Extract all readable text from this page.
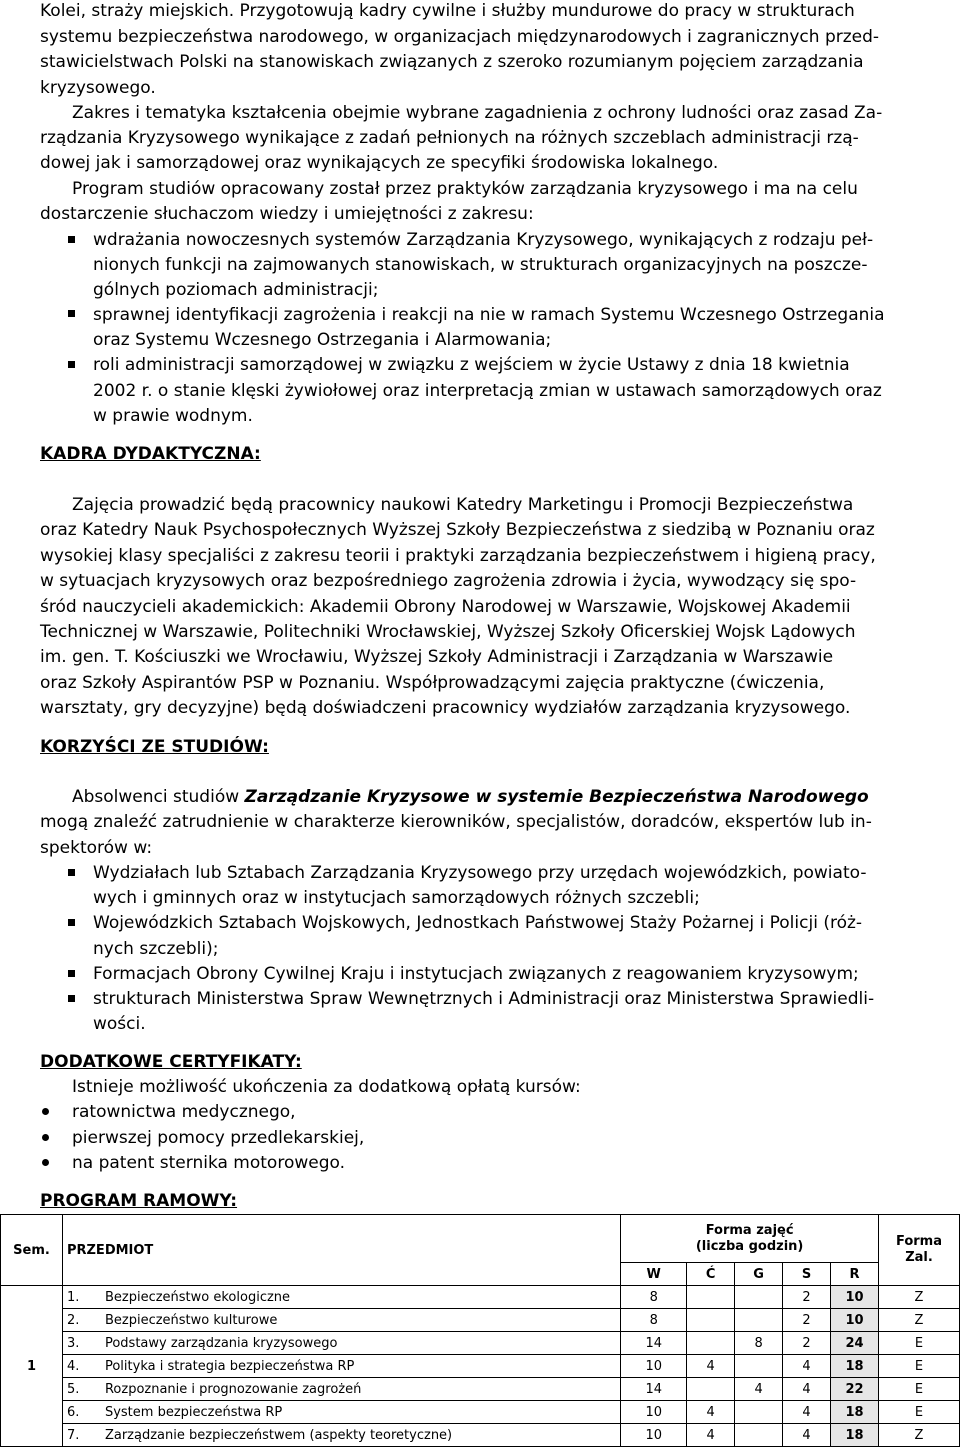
Kolei, straży miejskich. Przygotowują kadry cywilne i służby mundurowe do pracy w strukturach
systemu bezpieczeństwa narodowego, w organizacjach międzynarodowych i zagranicznych przed-
stawicielstwach Polski na stanowiskach związanych z szeroko rozumianym pojęciem zarządzania
kryzysowego.
Zakres i tematyka kształcenia obejmie wybrane zagadnienia z ochrony ludności oraz zasad Za-
rządzania Kryzysowego wynikające z zadań pełnionych na różnych szczeblach administracji rzą-
dowej jak i samorządowej oraz wynikających ze specyfiki środowiska lokalnego.
Program studiów opracowany został przez praktyków zarządzania kryzysowego i ma na celu
dostarczenie słuchaczom wiedzy i umiejętności z zakresu:
wdrażania nowoczesnych systemów Zarządzania Kryzysowego, wynikających z rodzaju peł-
nionych funkcji na zajmowanych stanowiskach, w strukturach organizacyjnych na poszcze-
gólnych poziomach administracji;
sprawnej identyfikacji zagrożenia i reakcji na nie w ramach Systemu Wczesnego Ostrzegania
oraz Systemu Wczesnego Ostrzegania i Alarmowania;
roli administracji samorządowej w związku z wejściem w życie Ustawy z dnia 18 kwietnia
2002 r. o stanie klęski żywiołowej oraz interpretacją zmian w ustawach samorządowych oraz
w prawie wodnym.
KADRA DYDAKTYCZNA:
Zajęcia prowadzić będą pracownicy naukowi Katedry Marketingu i Promocji Bezpieczeństwa
oraz Katedry Nauk Psychospołecznych Wyższej Szkoły Bezpieczeństwa z siedzibą w Poznaniu oraz
wysokiej klasy specjaliści z zakresu teorii i praktyki zarządzania bezpieczeństwem i higieną pracy,
w sytuacjach kryzysowych oraz bezpośredniego zagrożenia zdrowia i życia, wywodzący się spo-
śród nauczycieli akademickich: Akademii Obrony Narodowej w Warszawie, Wojskowej Akademii
Technicznej w Warszawie, Politechniki Wrocławskiej, Wyższej Szkoły Oficerskiej Wojsk Lądowych
im. gen. T. Kościuszki we Wrocławiu, Wyższej Szkoły Administracji i Zarządzania w Warszawie
oraz Szkoły Aspirantów PSP w Poznaniu. Współprowadzącymi zajęcia praktyczne (ćwiczenia,
warsztaty, gry decyzyjne) będą doświadczeni pracownicy wydziałów zarządzania kryzysowego.
KORZYŚCI ZE STUDIÓW:
Absolwenci studiów Zarządzanie Kryzysowe w systemie Bezpieczeństwa Narodowego
mogą znaleźć zatrudnienie w charakterze kierowników, specjalistów, doradców, ekspertów lub in-
spektorów w:
Wydziałach lub Sztabach Zarządzania Kryzysowego przy urzędach wojewódzkich, powiato-
wych i gminnych oraz w instytucjach samorządowych różnych szczebli;
Wojewódzkich Sztabach Wojskowych, Jednostkach Państwowej Staży Pożarnej i Policji (róż-
nych szczebli);
Formacjach Obrony Cywilnej Kraju i instytucjach związanych z reagowaniem kryzysowym;
strukturach Ministerstwa Spraw Wewnętrznych i Administracji oraz Ministerstwa Sprawiedli-
wości.
DODATKOWE CERTYFIKATY:
Istnieje możliwość ukończenia za dodatkową opłatą kursów:
ratownictwa medycznego,
pierwszej pomocy przedlekarskiej,
na patent sternika motorowego.
PROGRAM RAMOWY:
Sem.	PRZEDMIOT	Forma zajęć
(liczba godzin)					Forma Zal.
		W	Ć	G	S	R	
1	1. Bezpieczeństwo ekologiczne	8			2	10	Z
	2. Bezpieczeństwo kulturowe	8			2	10	Z
	3. Podstawy zarządzania kryzysowego	14		8	2	24	E
	4. Polityka i strategia bezpieczeństwa RP	10	4		4	18	E
	5. Rozpoznanie i prognozowanie zagrożeń	14		4	4	22	E
	6. System bezpieczeństwa RP	10	4		4	18	E
	7. Zarządzanie bezpieczeństwem (aspekty teoretyczne)	10	4		4	18	Z
